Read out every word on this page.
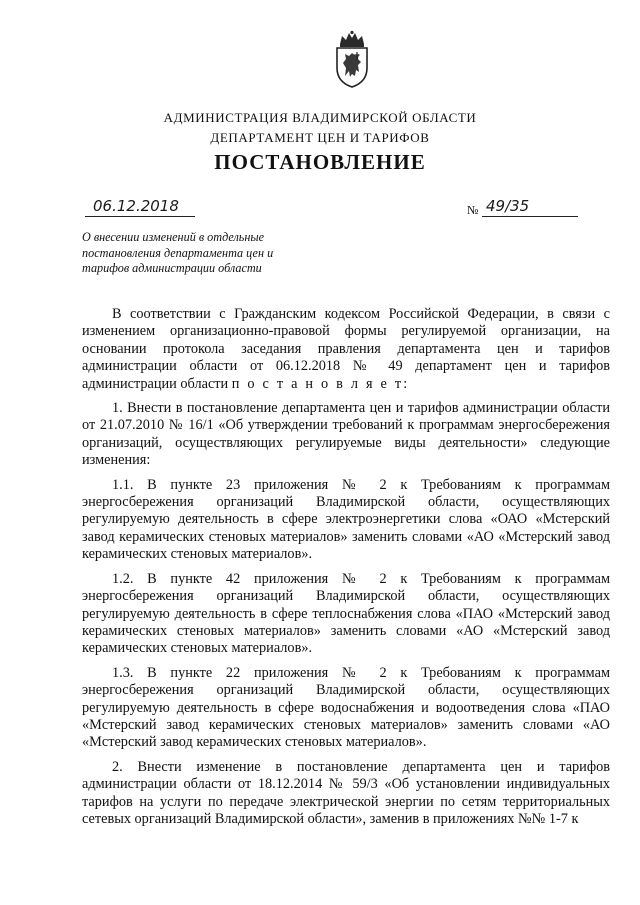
АДМИНИСТРАЦИЯ ВЛАДИМИРСКОЙ ОБЛАСТИ
ДЕПАРТАМЕНТ ЦЕН И ТАРИФОВ
ПОСТАНОВЛЕНИЕ
06.12.2018	№ 49/35
О внесении изменений в отдельные постановления департамента цен и тарифов администрации области

В соответствии с Гражданским кодексом Российской Федерации, в связи с изменением организационно-правовой формы регулируемой организации, на основании протокола заседания правления департамента цен и тарифов администрации области от 06.12.2018 № 49 департамент цен и тарифов администрации области п о с т а н о в л я е т:

1. Внести в постановление департамента цен и тарифов администрации области от 21.07.2010 № 16/1 «Об утверждении требований к программам энергосбережения организаций, осуществляющих регулируемые виды деятельности» следующие изменения:

1.1. В пункте 23 приложения № 2 к Требованиям к программам энергосбережения организаций Владимирской области, осуществляющих регулируемую деятельность в сфере электроэнергетики слова «ОАО «Мстерский завод керамических стеновых материалов» заменить словами «АО «Мстерский завод керамических стеновых материалов».

1.2. В пункте 42 приложения № 2 к Требованиям к программам энергосбережения организаций Владимирской области, осуществляющих регулируемую деятельность в сфере теплоснабжения слова «ПАО «Мстерский завод керамических стеновых материалов» заменить словами «АО «Мстерский завод керамических стеновых материалов».

1.3. В пункте 22 приложения № 2 к Требованиям к программам энергосбережения организаций Владимирской области, осуществляющих регулируемую деятельность в сфере водоснабжения и водоотведения слова «ПАО «Мстерский завод керамических стеновых материалов» заменить словами «АО «Мстерский завод керамических стеновых материалов».

2. Внести изменение в постановление департамента цен и тарифов администрации области от 18.12.2014 № 59/3 «Об установлении индивидуальных тарифов на услуги по передаче электрической энергии по сетям территориальных сетевых организаций Владимирской области», заменив в приложениях №№ 1-7 к
